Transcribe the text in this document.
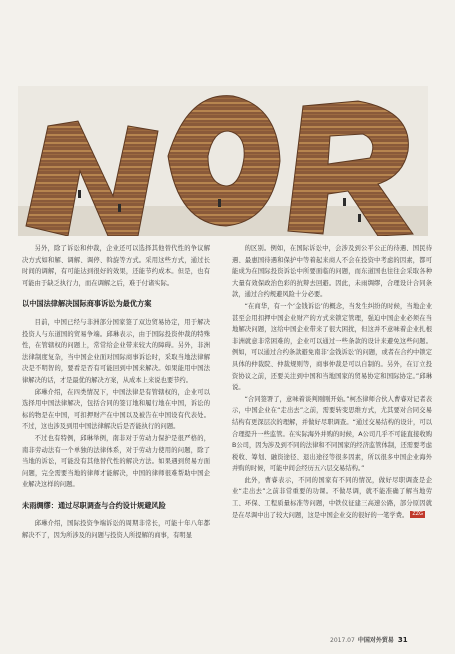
另外，除了诉讼和仲裁，企业还可以选择其他替代性的争议解决方式如和解、调解、调停、斡旋等方式。采用这些方式，通过长时间的调解，有可能达到很好的效果，还能节约成本。但是，也有可能由于缺乏执行力，而在调解之后，难于付诸实际。

以中国法律解决国际商事诉讼为最优方案

目前，中国已经与非洲部分国家签了双边贸易协定，用于解决投资人与东道国的贸易争端。邱琳表示，由于国际投资仲裁的特殊性，在管辖权的问题上，常常给企业带来较大的障碍。另外，非洲法律制度复杂，当中国企业面对国际商事诉讼时，采取当地法律解决是不明智的，要看是否有可能回到中国来解决。如果能用中国法律解决的话，才是最优的解决方案，从成本上来说也要节约。

邱琳介绍，在四类情况下，中国法律是有管辖权的，企业可以选择用中国法律解决，包括合同的签订地和履行地在中国，诉讼的标的物是在中国，可扣押财产在中国以及被告在中国设有代表处。不过，这也涉及到用中国法律解决后是否能执行的问题。

不过也有特例，邱琳举例，南非对于劳动力保护是很严格的，南非劳动法有一个单独的法律体系，对于劳动力使用的问题，除了当地的诉讼，可能没有其他替代性的解决方法。如果遇到贸易方面问题，完全需要当地的律师才能解决，中国的律师很难帮助中国企业解决这样的问题。

未雨绸缪：通过尽职调查与合约设计规避风险

邱琳介绍，国际投资争端诉讼的周期非常长，可能十年八年都解决不了，因为所涉及的问题与投资人所提解的商事，有明显

的区别。例如，在国际诉讼中，会涉及到公平公正的待遇、国民待遇、最惠国待遇和保护中等着起来商人不会在投资中考虑的因素，都可能成为在国际投资诉讼中所要面临的问题，而东道国也往往会采取各种大量有效保政治色彩的抗辩去回避。因此，未雨绸缪，合理设计合同条款，通过合约规避风险十分必要。

“在商华，有一个‘金钱诉讼’的概念，当发生纠纷的时候，当地企业甚至会用扣押中国企业财产的方式来锁定管理，强迫中国企业必须在当地解决问题，这给中国企业带来了很大困扰，但这并不意味着企业扎根非洲就意非常困难的，企业可以通过一些条款的设计来避免这些问题。例如，可以通过合约条款避免南非‘金钱诉讼’的问题，或者在合约中锁定具体的仲裁院、仲裁规则等，商事仲裁是可以自制的。另外，在订立投资协议之前，还要关注到中国和当地国家的贸易协定和国际协定。”邱琳说。

“合同签署了，意味着谈判刚刚开始。”柯杰律师合伙人曹睿对记者表示，中国企业在“走出去”之前，需要转变思维方式，尤其要对合同交易结构有更深层次的理解，并做好尽职调查。“通过交易结构的设计，可以合理提升一些监管。在实际海外并购的时候，A公司几乎不可能直接收购B公司，因为涉及到不同的法律和不同国家的经济监管体制，还需要考虑税收、筹划、融资途径、退出途径等很多因素，所以很多中国企业海外并购的时候，可能中间会经历五六层交易结构。”

此外，曹睿表示，不同的国家有不同的情况，做好尽职调查是企业“走出去”之前非常重要的功课。不做尽调，就不能准确了解当地劳工、环保、工程质量标准等问题，中铁仪征建三高速公路，部分原因就是在尽调中出了较大问题，这是中国企业交的很好的一笔学费。 ZZG

2017.07 中国对外贸易 31
